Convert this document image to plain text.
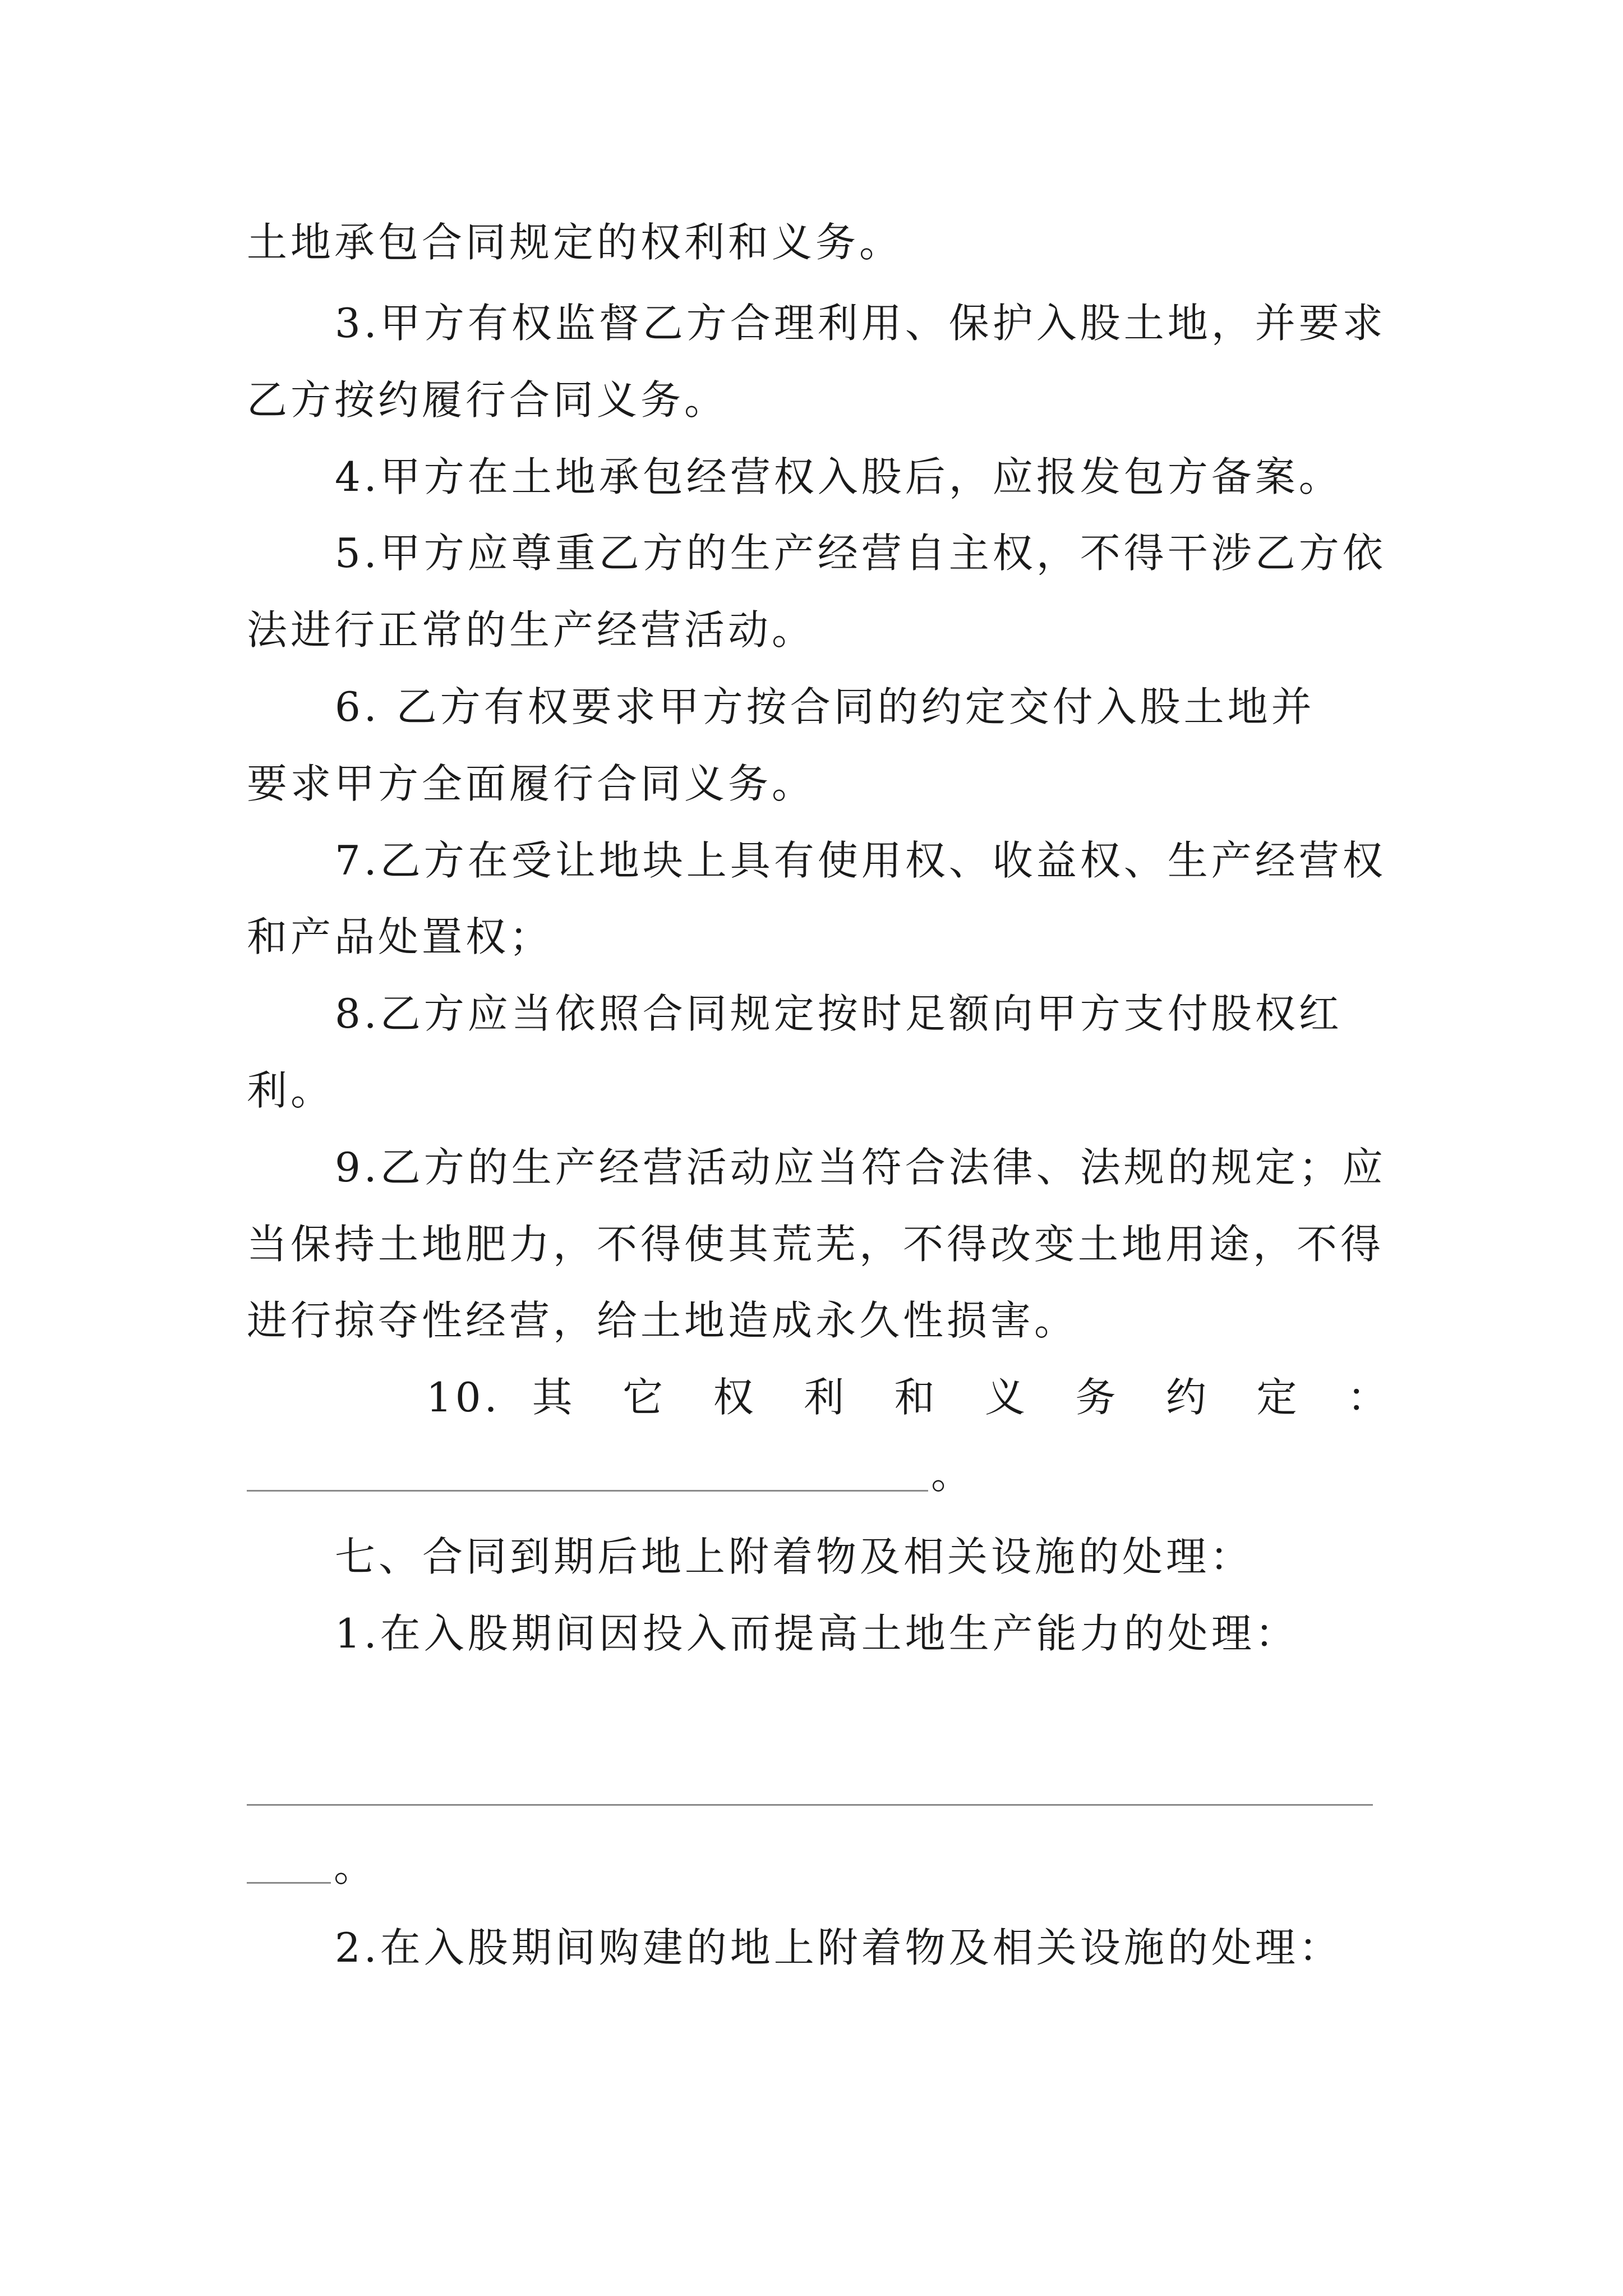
土地承包合同规定的权利和义务。
3.甲方有权监督乙方合理利用、保护入股土地，并要求
乙方按约履行合同义务。
4.甲方在土地承包经营权入股后，应报发包方备案。
5.甲方应尊重乙方的生产经营自主权，不得干涉乙方依
法进行正常的生产经营活动。
6. 乙方有权要求甲方按合同的约定交付入股土地并
要求甲方全面履行合同义务。
7.乙方在受让地块上具有使用权、收益权、生产经营权
和产品处置权；
8.乙方应当依照合同规定按时足额向甲方支付股权红
利。
9.乙方的生产经营活动应当符合法律、法规的规定；应
当保持土地肥力，不得使其荒芜，不得改变土地用途，不得
进行掠夺性经营，给土地造成永久性损害。
10. 其 它 权 利 和 义 务 约 定 ：
。
七、合同到期后地上附着物及相关设施的处理：
1.在入股期间因投入而提高土地生产能力的处理：
。
2.在入股期间购建的地上附着物及相关设施的处理：
